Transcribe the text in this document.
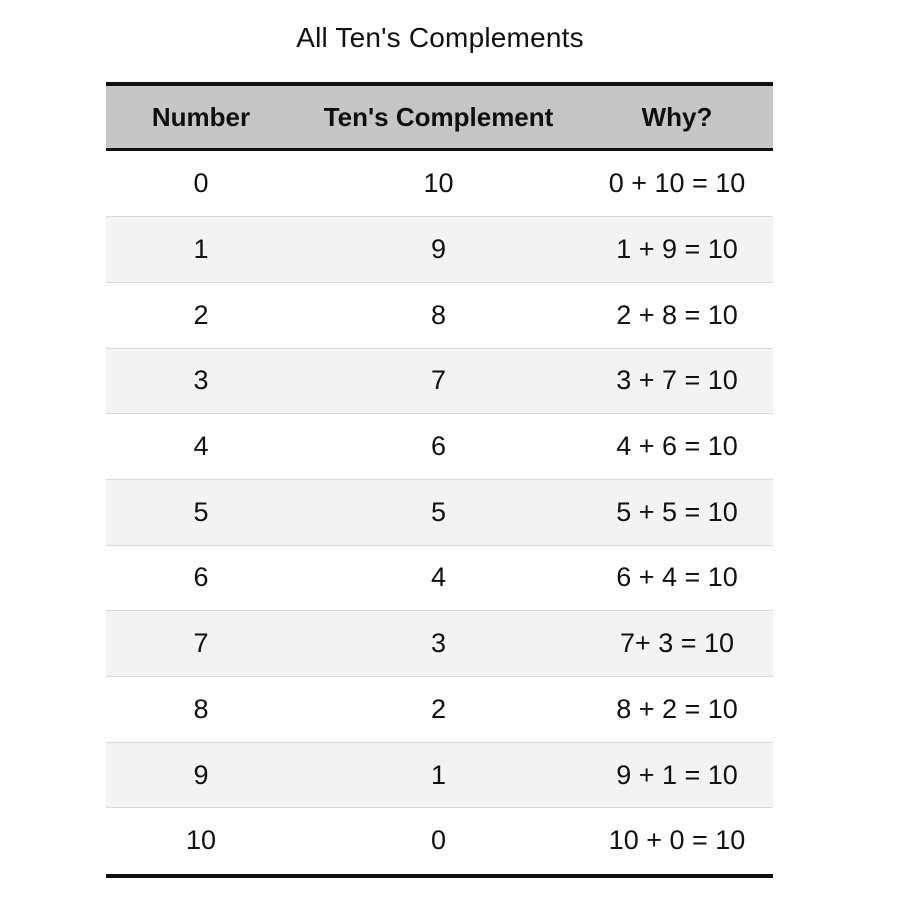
All Ten's Complements
Number	Ten's Complement	Why?
0	10	0 + 10 = 10
1	9	1 + 9 = 10
2	8	2 + 8 = 10
3	7	3 + 7 = 10
4	6	4 + 6 = 10
5	5	5 + 5 = 10
6	4	6 + 4 = 10
7	3	7+ 3 = 10
8	2	8 + 2 = 10
9	1	9 + 1 = 10
10	0	10 + 0 = 10
